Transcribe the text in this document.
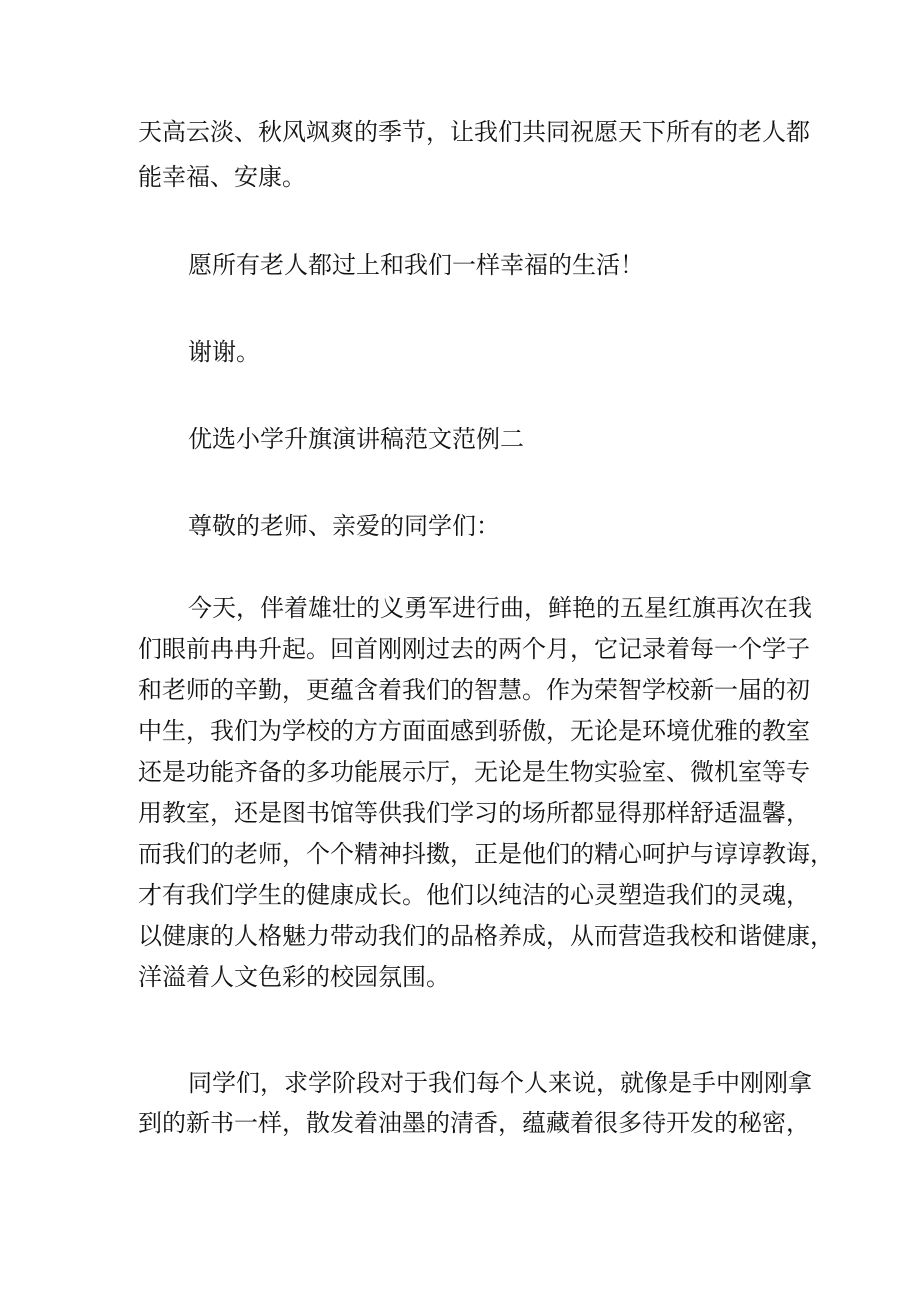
天高云淡、秋风飒爽的季节，让我们共同祝愿天下所有的老人都
能幸福、安康。
愿所有老人都过上和我们一样幸福的生活！
谢谢。
优选小学升旗演讲稿范文范例二
尊敬的老师、亲爱的同学们：
今天，伴着雄壮的义勇军进行曲，鲜艳的五星红旗再次在我
们眼前冉冉升起。回首刚刚过去的两个月，它记录着每一个学子
和老师的辛勤，更蕴含着我们的智慧。作为荣智学校新一届的初
中生，我们为学校的方方面面感到骄傲，无论是环境优雅的教室
还是功能齐备的多功能展示厅，无论是生物实验室、微机室等专
用教室，还是图书馆等供我们学习的场所都显得那样舒适温馨，
而我们的老师，个个精神抖擞，正是他们的精心呵护与谆谆教诲，
才有我们学生的健康成长。他们以纯洁的心灵塑造我们的灵魂，
以健康的人格魅力带动我们的品格养成，从而营造我校和谐健康，
洋溢着人文色彩的校园氛围。
同学们，求学阶段对于我们每个人来说，就像是手中刚刚拿
到的新书一样，散发着油墨的清香，蕴藏着很多待开发的秘密，
